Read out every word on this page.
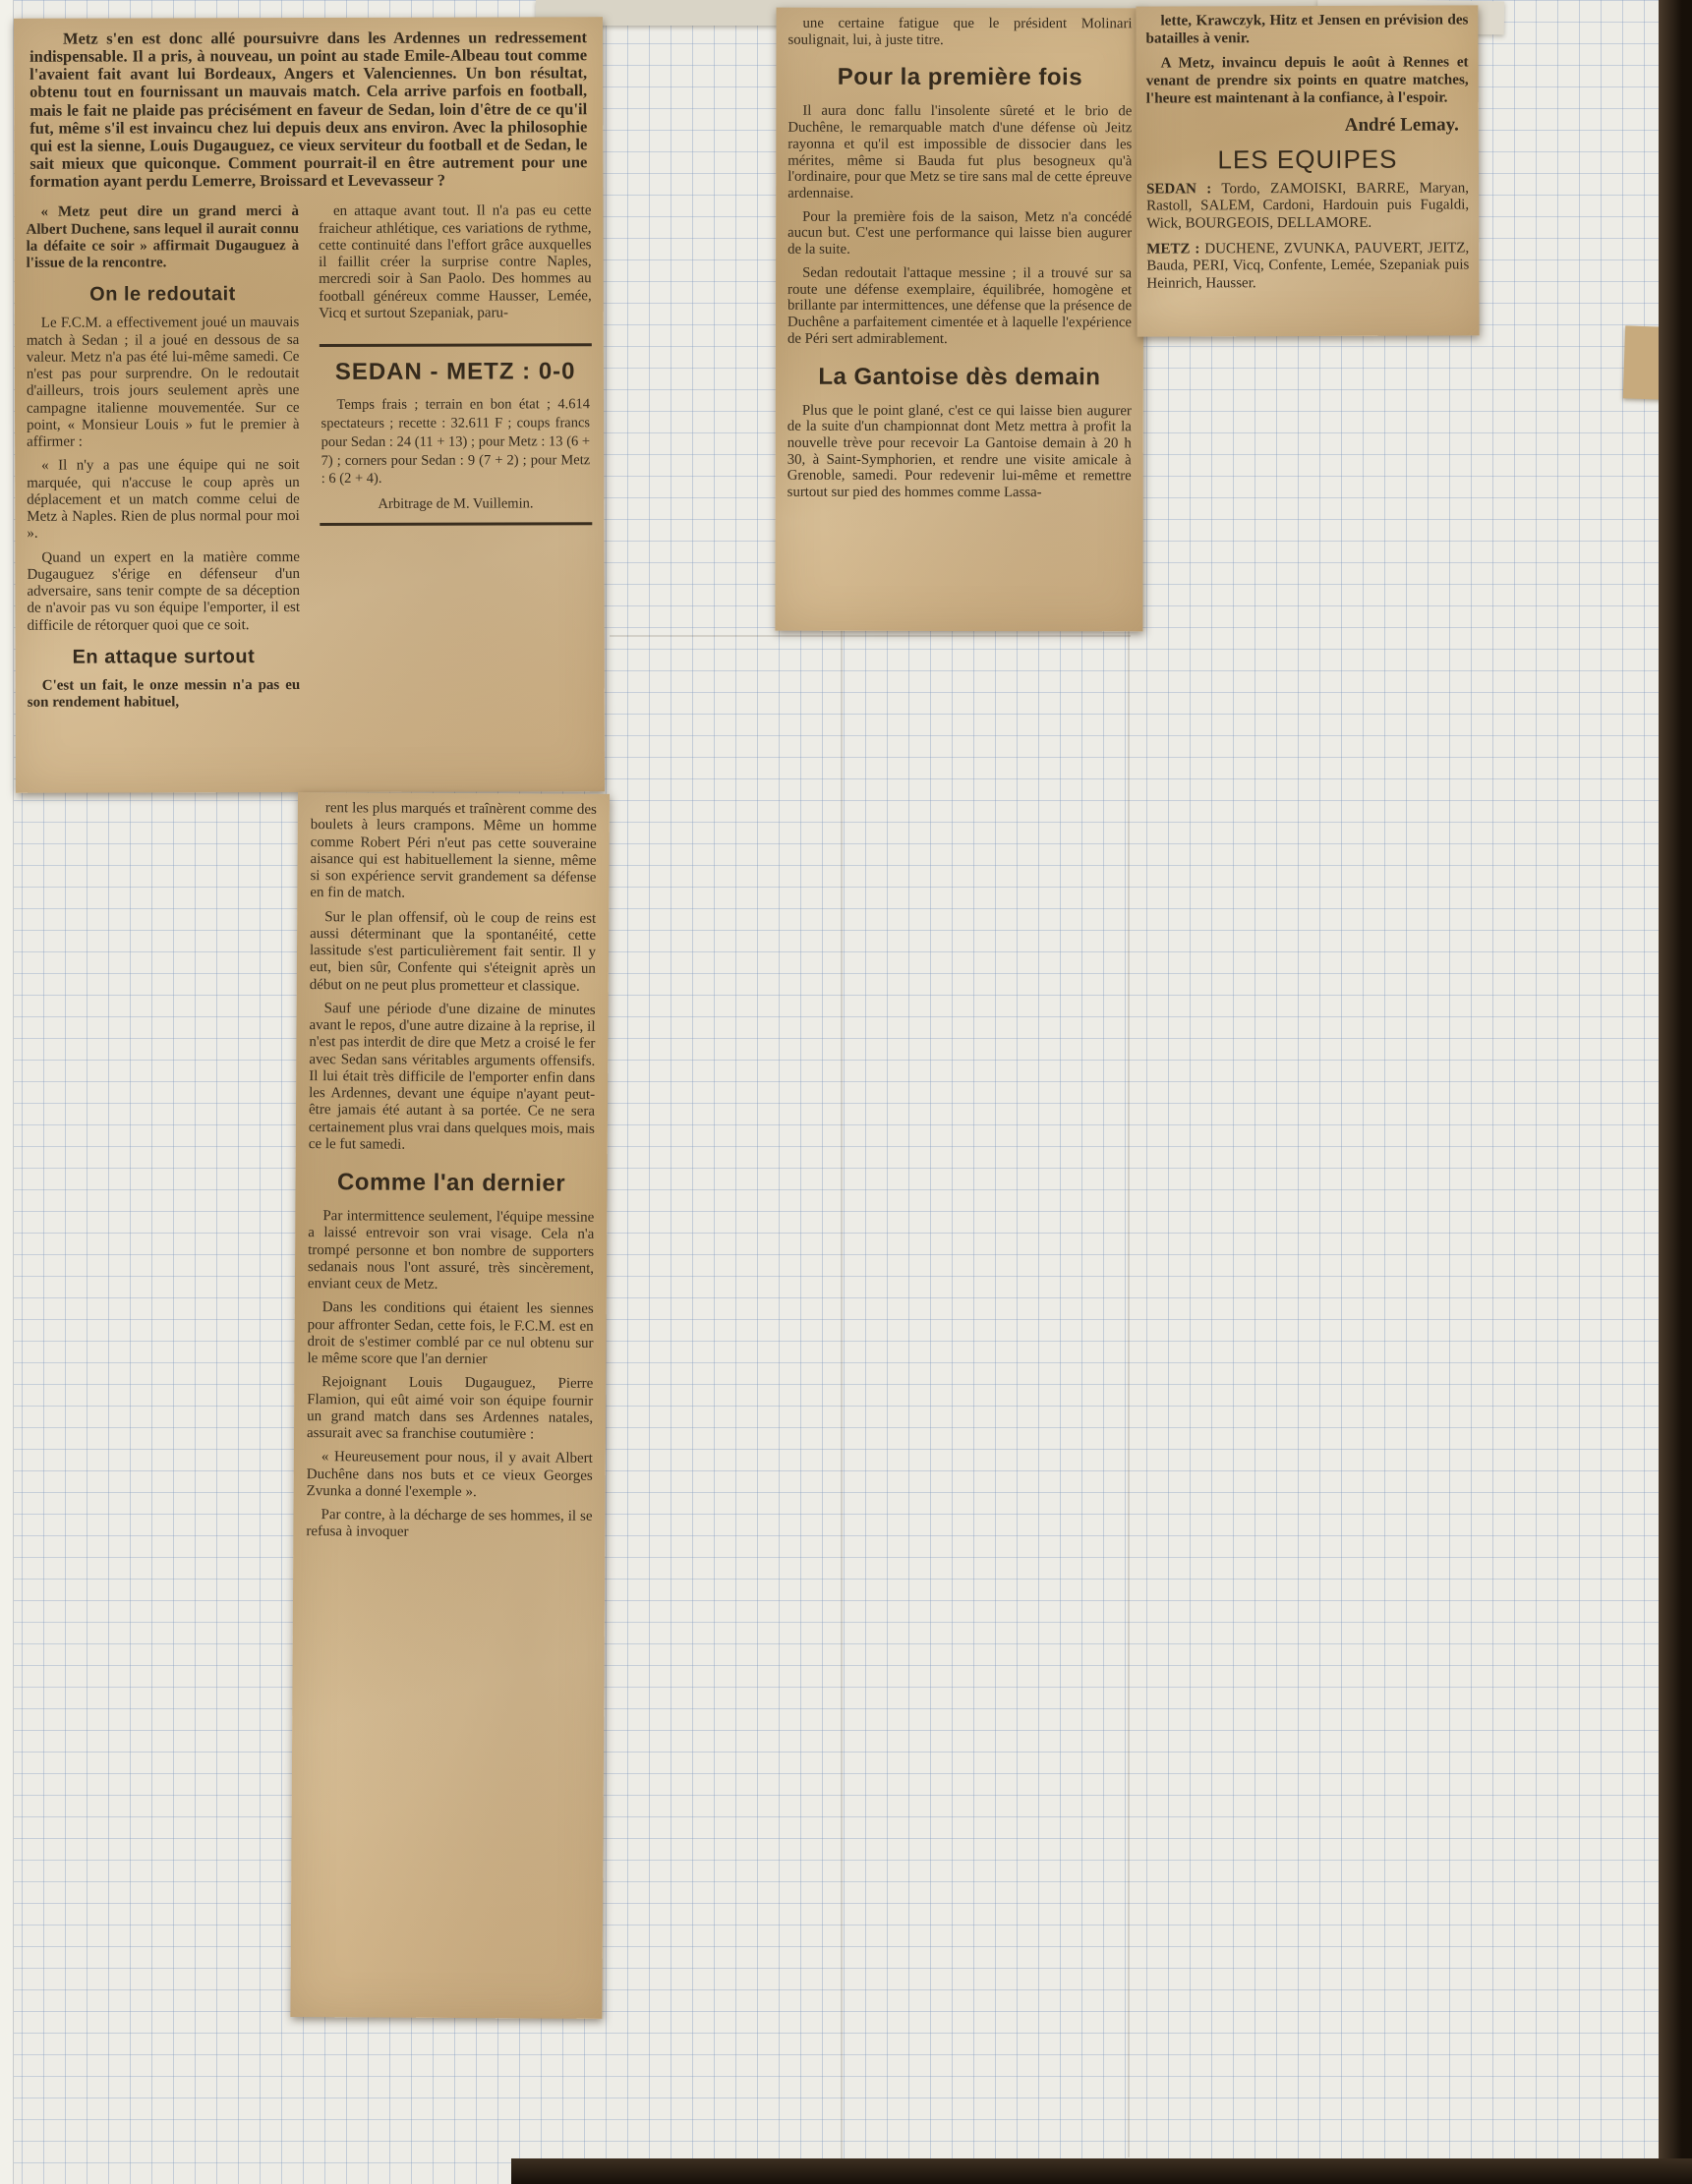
Metz s'en est donc allé poursuivre dans les Ardennes un redressement indispensable. Il a pris, à nouveau, un point au stade Emile-Albeau tout comme l'avaient fait avant lui Bordeaux, Angers et Valenciennes. Un bon résultat, obtenu tout en fournissant un mauvais match. Cela arrive parfois en football, mais le fait ne plaide pas précisément en faveur de Sedan, loin d'être de ce qu'il fut, même s'il est invaincu chez lui depuis deux ans environ. Avec la philosophie qui est la sienne, Louis Dugauguez, ce vieux serviteur du football et de Sedan, le sait mieux que quiconque. Comment pourrait-il en être autrement pour une formation ayant perdu Lemerre, Broissard et Levevasseur ?

« Metz peut dire un grand merci à Albert Duchene, sans lequel il aurait connu la défaite ce soir » affirmait Dugauguez à l'issue de la rencontre.

On le redoutait

Le F.C.M. a effectivement joué un mauvais match à Sedan ; il a joué en dessous de sa valeur. Metz n'a pas été lui-même samedi. Ce n'est pas pour surprendre. On le redoutait d'ailleurs, trois jours seulement après une campagne italienne mouvementée. Sur ce point, « Monsieur Louis » fut le premier à affirmer :

« Il n'y a pas une équipe qui ne soit marquée, qui n'accuse le coup après un déplacement et un match comme celui de Metz à Naples. Rien de plus normal pour moi ».

Quand un expert en la matière comme Dugauguez s'érige en défenseur d'un adversaire, sans tenir compte de sa déception de n'avoir pas vu son équipe l'emporter, il est difficile de rétorquer quoi que ce soit.

En attaque surtout

C'est un fait, le onze messin n'a pas eu son rendement habituel,

en attaque avant tout. Il n'a pas eu cette fraicheur athlétique, ces variations de rythme, cette continuité dans l'effort grâce auxquelles il faillit créer la surprise contre Naples, mercredi soir à San Paolo. Des hommes au football généreux comme Hausser, Lemée, Vicq et surtout Szepaniak, paru-

SEDAN - METZ : 0-0

Temps frais ; terrain en bon état ; 4.614 spectateurs ; recette : 32.611 F ; coups francs pour Sedan : 24 (11 + 13) ; pour Metz : 13 (6 + 7) ; corners pour Sedan : 9 (7 + 2) ; pour Metz : 6 (2 + 4).

Arbitrage de M. Vuillemin.

rent les plus marqués et traînèrent comme des boulets à leurs crampons. Même un homme comme Robert Péri n'eut pas cette souveraine aisance qui est habituellement la sienne, même si son expérience servit grandement sa défense en fin de match.

Sur le plan offensif, où le coup de reins est aussi déterminant que la spontanéité, cette lassitude s'est particulièrement fait sentir. Il y eut, bien sûr, Confente qui s'éteignit après un début on ne peut plus prometteur et classique.

Sauf une période d'une dizaine de minutes avant le repos, d'une autre dizaine à la reprise, il n'est pas interdit de dire que Metz a croisé le fer avec Sedan sans véritables arguments offensifs. Il lui était très difficile de l'emporter enfin dans les Ardennes, devant une équipe n'ayant peut-être jamais été autant à sa portée. Ce ne sera certainement plus vrai dans quelques mois, mais ce le fut samedi.

Comme l'an dernier

Par intermittence seulement, l'équipe messine a laissé entrevoir son vrai visage. Cela n'a trompé personne et bon nombre de supporters sedanais nous l'ont assuré, très sincèrement, enviant ceux de Metz.

Dans les conditions qui étaient les siennes pour affronter Sedan, cette fois, le F.C.M. est en droit de s'estimer comblé par ce nul obtenu sur le même score que l'an dernier

Rejoignant Louis Dugauguez, Pierre Flamion, qui eût aimé voir son équipe fournir un grand match dans ses Ardennes natales, assurait avec sa franchise coutumière :

« Heureusement pour nous, il y avait Albert Duchêne dans nos buts et ce vieux Georges Zvunka a donné l'exemple ».

Par contre, à la décharge de ses hommes, il se refusa à invoquer

une certaine fatigue que le président Molinari soulignait, lui, à juste titre.

Pour la première fois

Il aura donc fallu l'insolente sûreté et le brio de Duchêne, le remarquable match d'une défense où Jeitz rayonna et qu'il est impossible de dissocier dans les mérites, même si Bauda fut plus besogneux qu'à l'ordinaire, pour que Metz se tire sans mal de cette épreuve ardennaise.

Pour la première fois de la saison, Metz n'a concédé aucun but. C'est une performance qui laisse bien augurer de la suite.

Sedan redoutait l'attaque messine ; il a trouvé sur sa route une défense exemplaire, équilibrée, homogène et brillante par intermittences, une défense que la présence de Duchêne a parfaitement cimentée et à laquelle l'expérience de Péri sert admirablement.

La Gantoise dès demain

Plus que le point glané, c'est ce qui laisse bien augurer de la suite d'un championnat dont Metz mettra à profit la nouvelle trève pour recevoir La Gantoise demain à 20 h 30, à Saint-Symphorien, et rendre une visite amicale à Grenoble, samedi. Pour redevenir lui-même et remettre surtout sur pied des hommes comme Lassa-

lette, Krawczyk, Hitz et Jensen en prévision des batailles à venir.

A Metz, invaincu depuis le août à Rennes et venant de prendre six points en quatre matches, l'heure est maintenant à la confiance, à l'espoir.

André Lemay.
LES EQUIPES

SEDAN : Tordo, ZAMOISKI, BARRE, Maryan, Rastoll, SALEM, Cardoni, Hardouin puis Fugaldi, Wick, BOURGEOIS, DELLAMORE.

METZ : DUCHENE, ZVUNKA, PAUVERT, JEITZ, Bauda, PERI, Vicq, Confente, Lemée, Szepaniak puis Heinrich, Hausser.
